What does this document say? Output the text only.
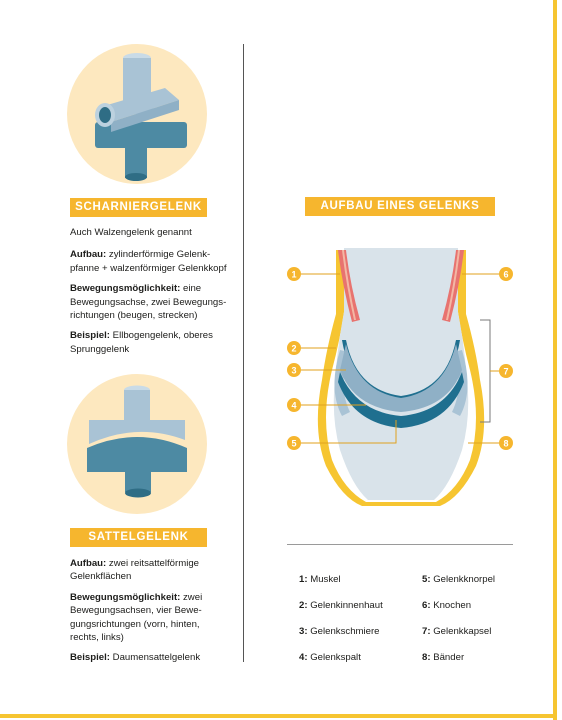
SCHARNIERGELENK

Auch Walzengelenk genannt

Aufbau: zylinderförmige Gelenk-
pfanne + walzenförmiger Gelenkkopf

Bewegungsmöglichkeit: eine
Bewegungsachse, zwei Bewegungs-
richtungen (beugen, strecken)

Beispiel: Ellbogengelenk, oberes
Sprunggelenk

SATTELGELENK

Aufbau: zwei reitsattelförmige
Gelenkflächen

Bewegungsmöglichkeit: zwei
Bewegungsachsen, vier Bewe-
gungsrichtungen (vorn, hinten,
rechts, links)

Beispiel: Daumensattelgelenk

AUFBAU EINES GELENKS
1
2
3
4
5
6
7
8
1: Muskel
2: Gelenkinnenhaut
3: Gelenkschmiere
4: Gelenkspalt
5: Gelenkknorpel
6: Knochen
7: Gelenkkapsel
8: Bänder
